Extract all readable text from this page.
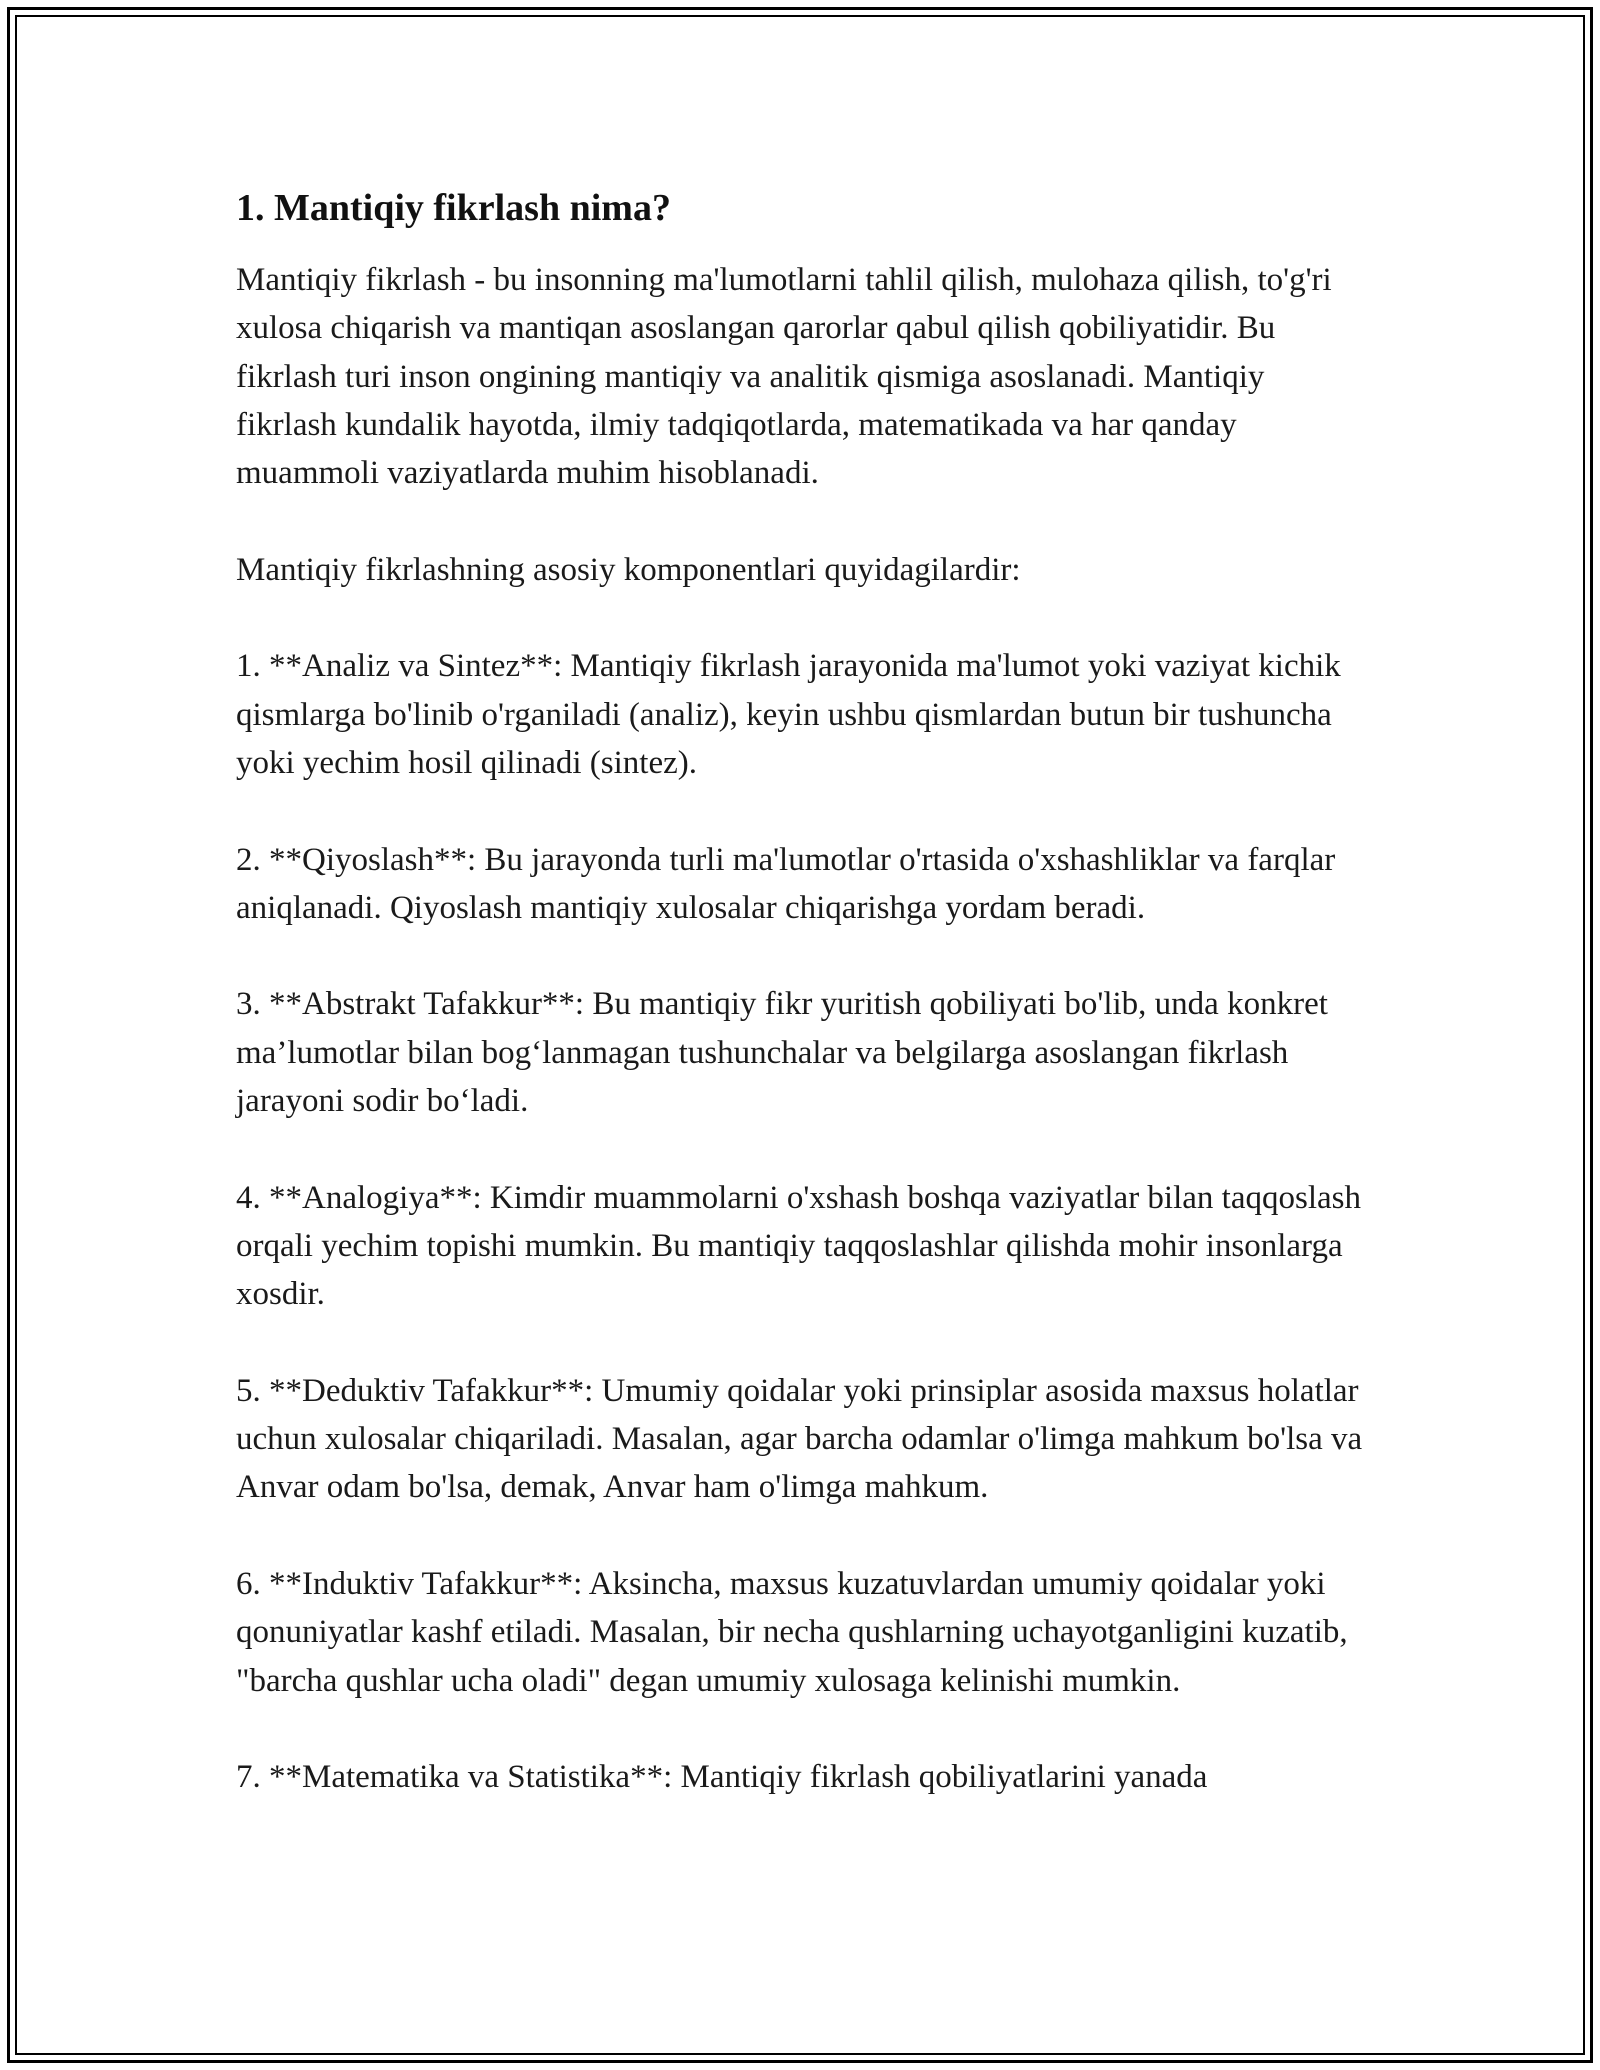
1. Mantiqiy fikrlash nima?

Mantiqiy fikrlash - bu insonning ma'lumotlarni tahlil qilish, mulohaza qilish, to'g'ri xulosa chiqarish va mantiqan asoslangan qarorlar qabul qilish qobiliyatidir. Bu fikrlash turi inson ongining mantiqiy va analitik qismiga asoslanadi. Mantiqiy fikrlash kundalik hayotda, ilmiy tadqiqotlarda, matematikada va har qanday muammoli vaziyatlarda muhim hisoblanadi.

Mantiqiy fikrlashning asosiy komponentlari quyidagilardir:

1. **Analiz va Sintez**: Mantiqiy fikrlash jarayonida ma'lumot yoki vaziyat kichik qismlarga bo'linib o'rganiladi (analiz), keyin ushbu qismlardan butun bir tushuncha yoki yechim hosil qilinadi (sintez).

2. **Qiyoslash**: Bu jarayonda turli ma'lumotlar o'rtasida o'xshashliklar va farqlar aniqlanadi. Qiyoslash mantiqiy xulosalar chiqarishga yordam beradi.

3. **Abstrakt Tafakkur**: Bu mantiqiy fikr yuritish qobiliyati bo'lib, unda konkret ma’lumotlar bilan bog‘lanmagan tushunchalar va belgilarga asoslangan fikrlash jarayoni sodir bo‘ladi.

4. **Analogiya**: Kimdir muammolarni o'xshash boshqa vaziyatlar bilan taqqoslash orqali yechim topishi mumkin. Bu mantiqiy taqqoslashlar qilishda mohir insonlarga xosdir.

5. **Deduktiv Tafakkur**: Umumiy qoidalar yoki prinsiplar asosida maxsus holatlar uchun xulosalar chiqariladi. Masalan, agar barcha odamlar o'limga mahkum bo'lsa va Anvar odam bo'lsa, demak, Anvar ham o'limga mahkum.

6. **Induktiv Tafakkur**: Aksincha, maxsus kuzatuvlardan umumiy qoidalar yoki qonuniyatlar kashf etiladi. Masalan, bir necha qushlarning uchayotganligini kuzatib, "barcha qushlar ucha oladi" degan umumiy xulosaga kelinishi mumkin.

7. **Matematika va Statistika**: Mantiqiy fikrlash qobiliyatlarini yanada
